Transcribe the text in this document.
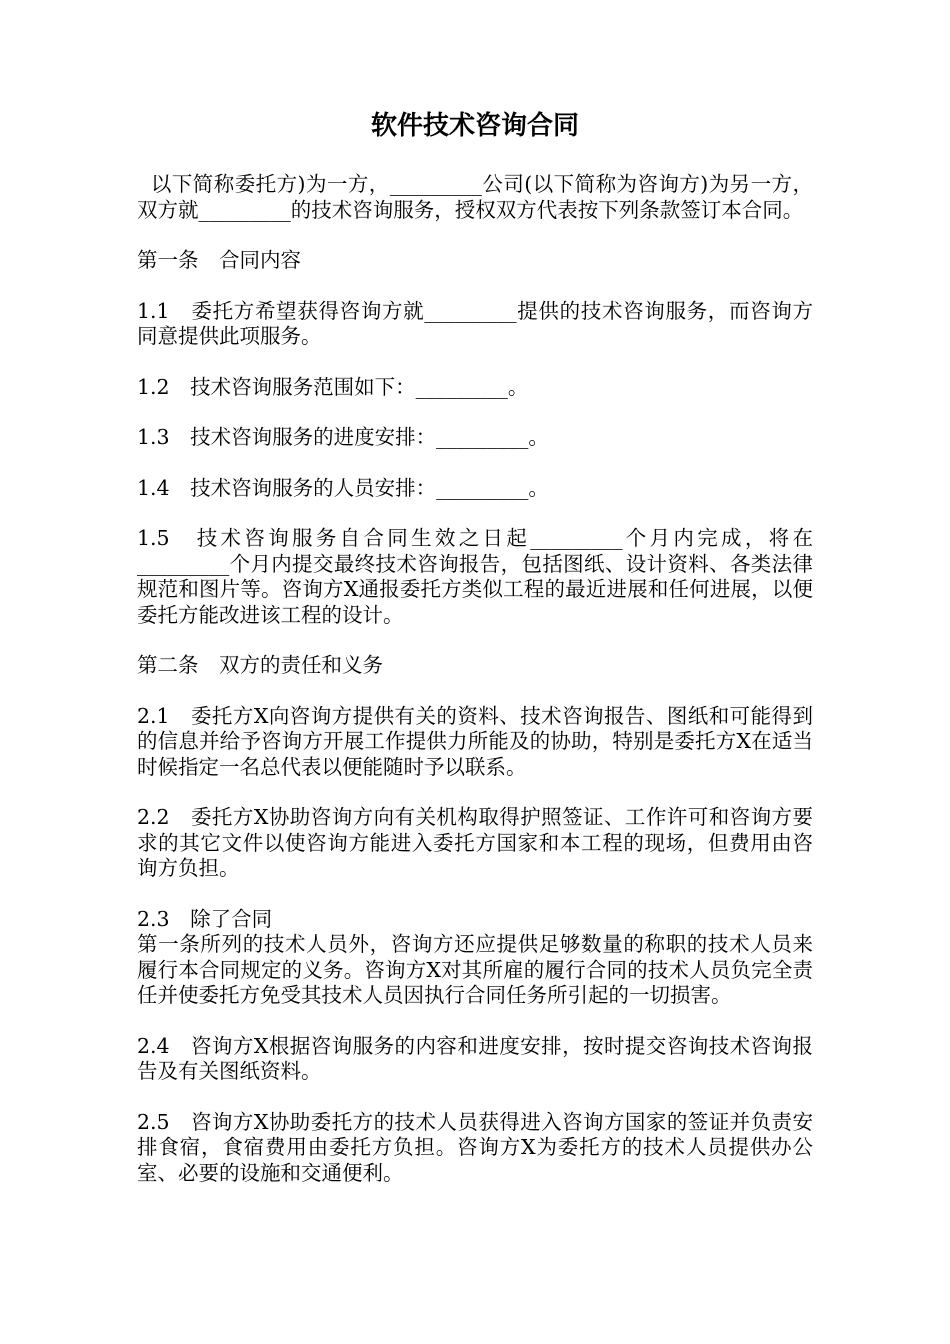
软件技术咨询合同

以下简称委托方)为一方，_________公司(以下简称为咨询方)为另一方，双方就_________的技术咨询服务，授权双方代表按下列条款签订本合同。

第一条　合同内容

1.1　委托方希望获得咨询方就_________提供的技术咨询服务，而咨询方同意提供此项服务。

1.2　技术咨询服务范围如下：_________。

1.3　技术咨询服务的进度安排：_________。

1.4　技术咨询服务的人员安排：_________。

1.5　技术咨询服务自合同生效之日起_________个月内完成，将在_________个月内提交最终技术咨询报告，包括图纸、设计资料、各类法律规范和图片等。咨询方X通报委托方类似工程的最近进展和任何进展，以便委托方能改进该工程的设计。

第二条　双方的责任和义务

2.1　委托方X向咨询方提供有关的资料、技术咨询报告、图纸和可能得到的信息并给予咨询方开展工作提供力所能及的协助，特别是委托方X在适当时候指定一名总代表以便能随时予以联系。

2.2　委托方X协助咨询方向有关机构取得护照签证、工作许可和咨询方要求的其它文件以使咨询方能进入委托方国家和本工程的现场，但费用由咨询方负担。

2.3　除了合同

第一条所列的技术人员外，咨询方还应提供足够数量的称职的技术人员来履行本合同规定的义务。咨询方X对其所雇的履行合同的技术人员负完全责任并使委托方免受其技术人员因执行合同任务所引起的一切损害。

2.4　咨询方X根据咨询服务的内容和进度安排，按时提交咨询技术咨询报告及有关图纸资料。

2.5　咨询方X协助委托方的技术人员获得进入咨询方国家的签证并负责安排食宿，食宿费用由委托方负担。咨询方X为委托方的技术人员提供办公室、必要的设施和交通便利。
